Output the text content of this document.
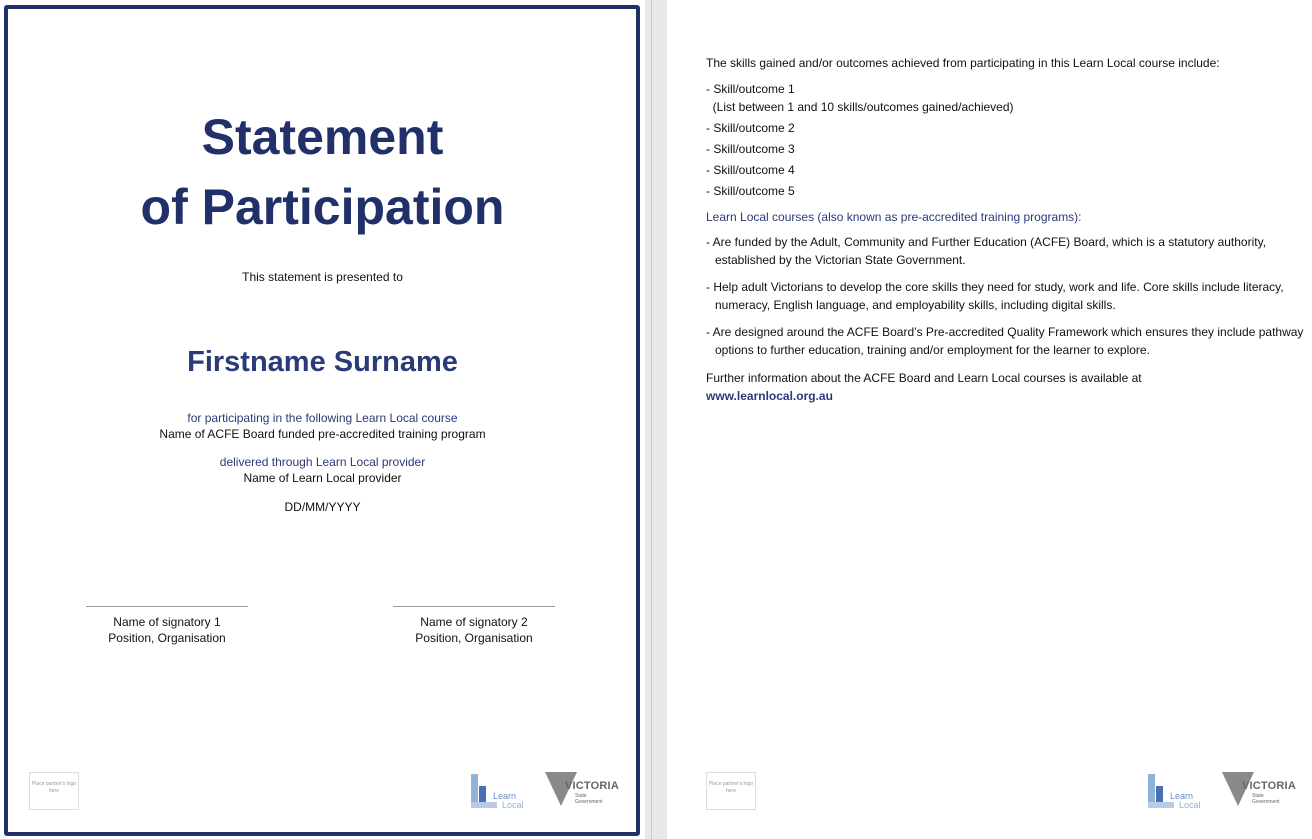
Statement
of Participation
This statement is presented to
Firstname Surname
for participating in the following Learn Local course
Name of ACFE Board funded pre-accredited training program
delivered through Learn Local provider
Name of Learn Local provider
DD/MM/YYYY
Name of signatory 1
Position, Organisation
Name of signatory 2
Position, Organisation
Place partner's logo here	Learn
Local
VICTORIA
State
Government
The skills gained and/or outcomes achieved from participating in this Learn Local course include:
- Skill/outcome 1
(List between 1 and 10 skills/outcomes gained/achieved)
- Skill/outcome 2
- Skill/outcome 3
- Skill/outcome 4
- Skill/outcome 5
Learn Local courses (also known as pre-accredited training programs):
- Are funded by the Adult, Community and Further Education (ACFE) Board, which is a statutory authority, established by the Victorian State Government.
- Help adult Victorians to develop the core skills they need for study, work and life. Core skills include literacy, numeracy, English language, and employability skills, including digital skills.
- Are designed around the ACFE Board’s Pre-accredited Quality Framework which ensures they include pathway options to further education, training and/or employment for the learner to explore.
Further information about the ACFE Board and Learn Local courses is available at
www.learnlocal.org.au
Place partner's logo here	Learn
Local
VICTORIA
State
Government
